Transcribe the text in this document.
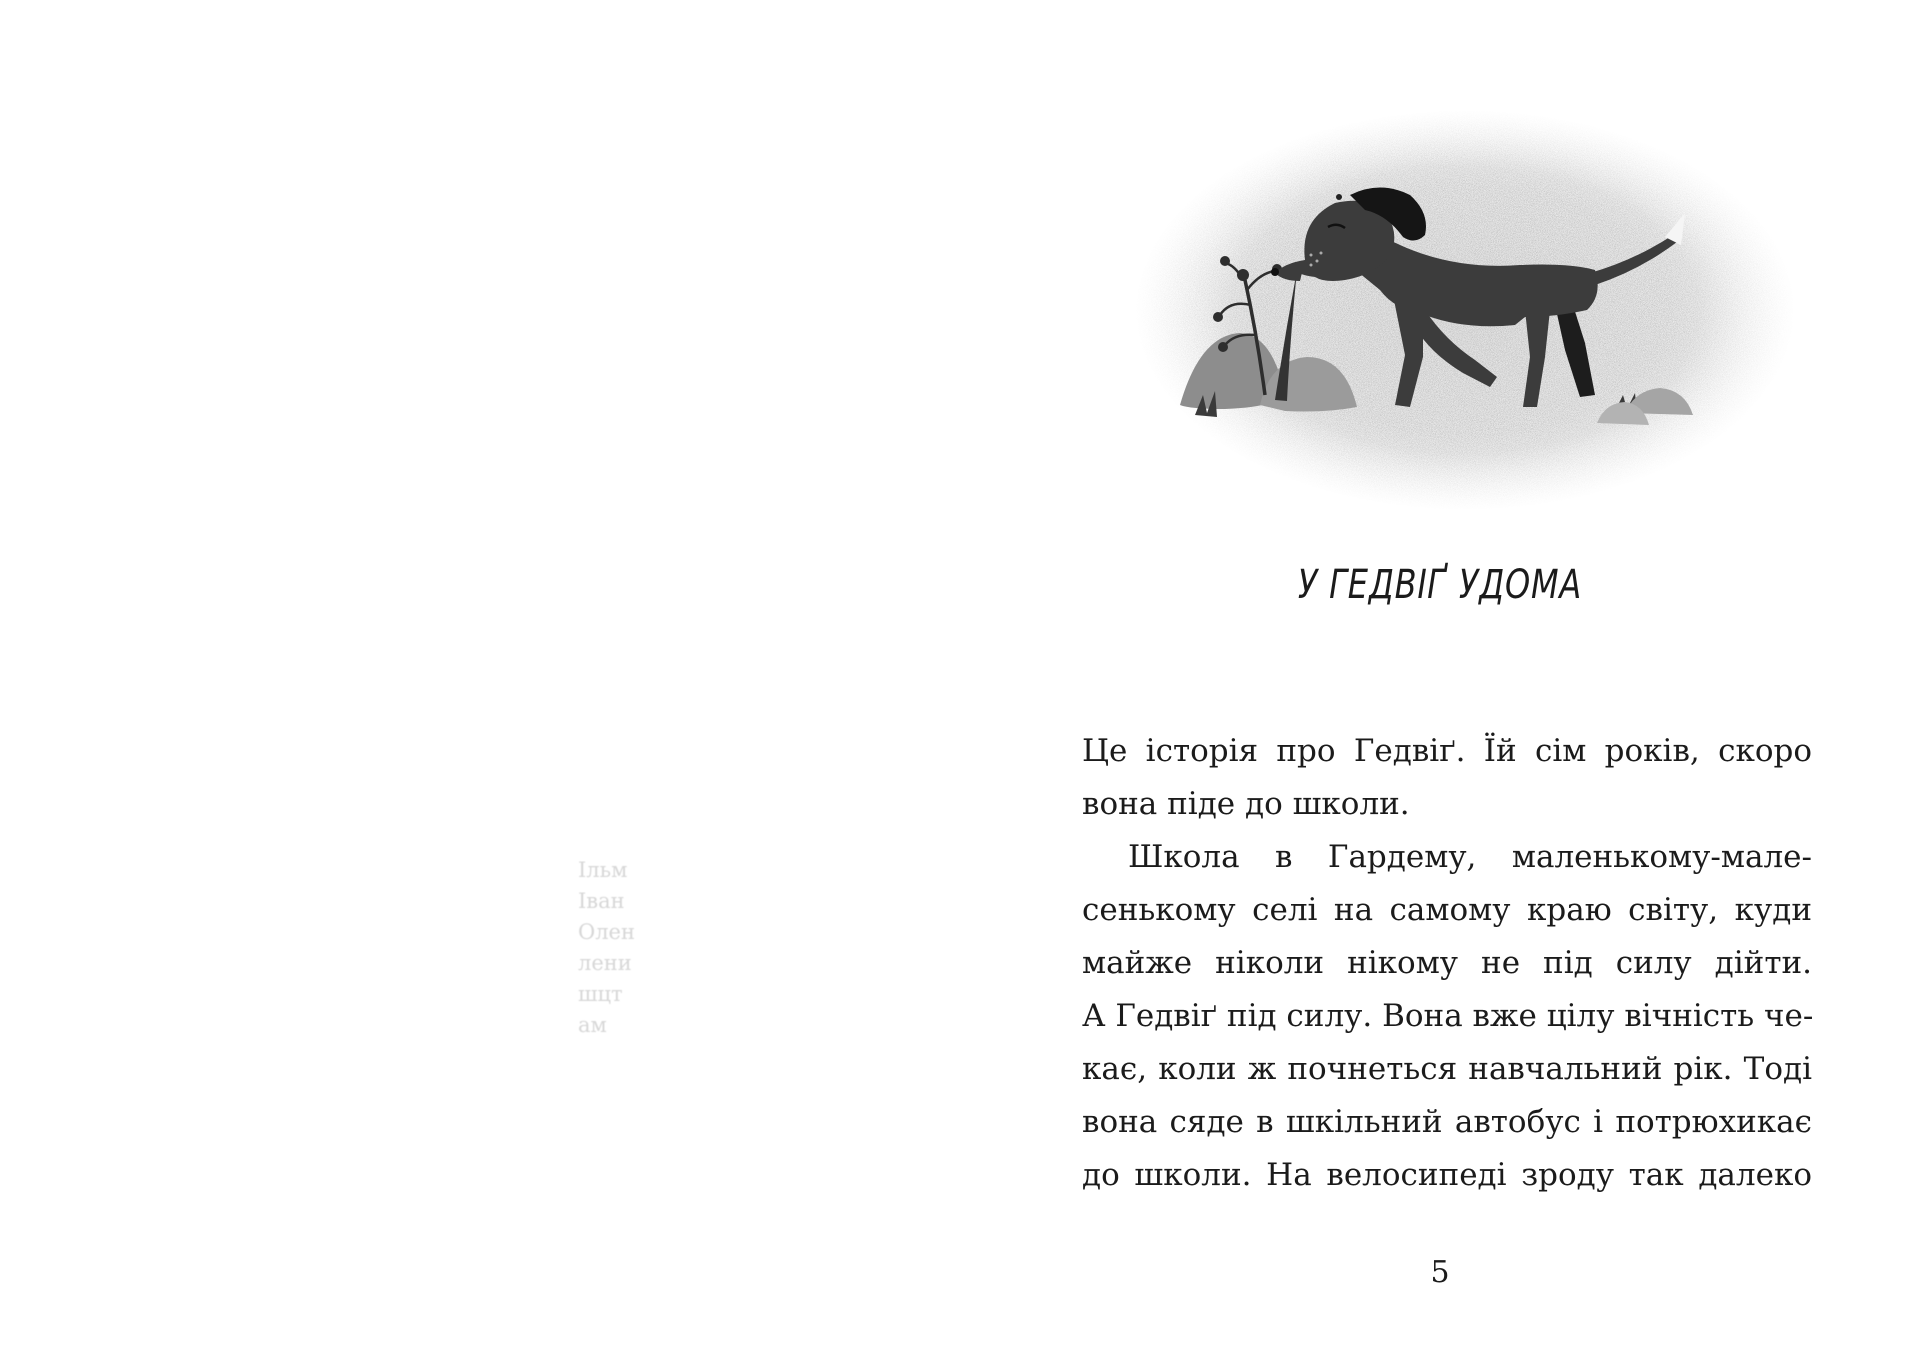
Ільм
Іван
Олен
лени
шцт
ам
У ГЕДВІҐ УДОМА
Це історія про Гедвіґ. Їй сім років, скоро
вона піде до школи.
Школа в Гардему, маленькому-мале-
сенькому селі на самому краю світу, куди
майже ніколи нікому не під силу дійти.
А Гедвіґ під силу. Вона вже цілу вічність че-
кає, коли ж почнеться навчальний рік. Тоді
вона сяде в шкільний автобус і потрюхикає
до школи. На велосипеді зроду так далеко
5
